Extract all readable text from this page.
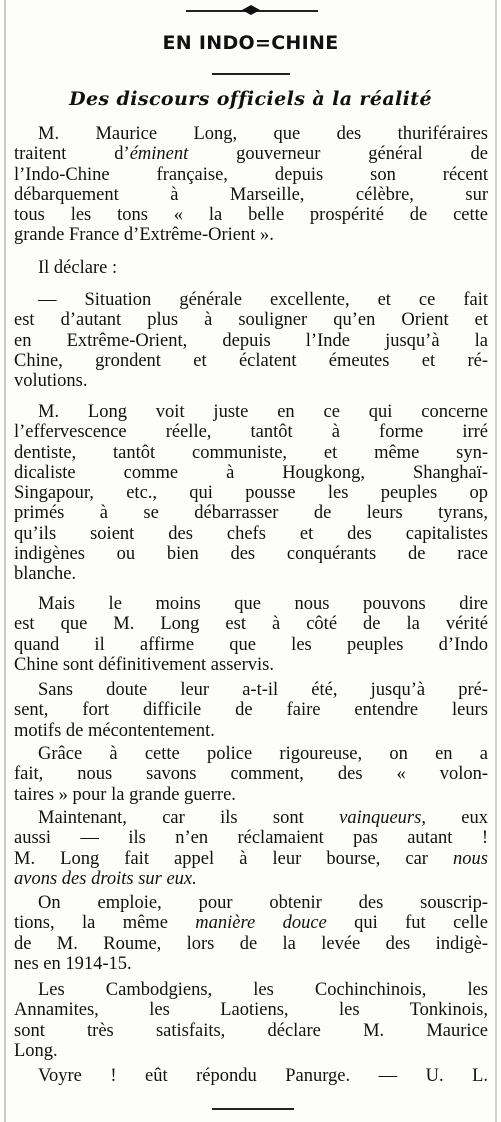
EN INDO=CHINE
Des discours officiels à la réalité
M. Maurice Long, que des thuriféraires
traitent d’éminent gouverneur général de
l’Indo-Chine française, depuis son récent
débarquement à Marseille, célèbre, sur
tous les tons « la belle prospérité de cette
grande France d’Extrême-Orient ».
Il déclare :
— Situation générale excellente, et ce fait
est d’autant plus à souligner qu’en Orient et
en Extrême-Orient, depuis l’Inde jusqu’à la
Chine, grondent et éclatent émeutes et ré-
volutions.
M. Long voit juste en ce qui concerne
l’effervescence réelle, tantôt à forme irré
dentiste, tantôt communiste, et même syn-
dicaliste comme à Hougkong, Shanghaï-
Singapour, etc., qui pousse les peuples op
primés à se débarrasser de leurs tyrans,
qu’ils soient des chefs et des capitalistes
indigènes ou bien des conquérants de race
blanche.
Mais le moins que nous pouvons dire
est que M. Long est à côté de la vérité
quand il affirme que les peuples d’Indo
Chine sont définitivement asservis.
Sans doute leur a-t-il été, jusqu’à pré-
sent, fort difficile de faire entendre leurs
motifs de mécontentement.
Grâce à cette police rigoureuse, on en a
fait, nous savons comment, des « volon-
taires » pour la grande guerre.
Maintenant, car ils sont vainqueurs, eux
aussi — ils n’en réclamaient pas autant !
M. Long fait appel à leur bourse, car nous
avons des droits sur eux.
On emploie, pour obtenir des souscrip-
tions, la même manière douce qui fut celle
de M. Roume, lors de la levée des indigè-
nes en 1914-15.
Les Cambodgiens, les Cochinchinois, les
Annamites, les Laotiens, les Tonkinois,
sont très satisfaits, déclare M. Maurice
Long.
Voyre ! eût répondu Panurge. — U. L.
